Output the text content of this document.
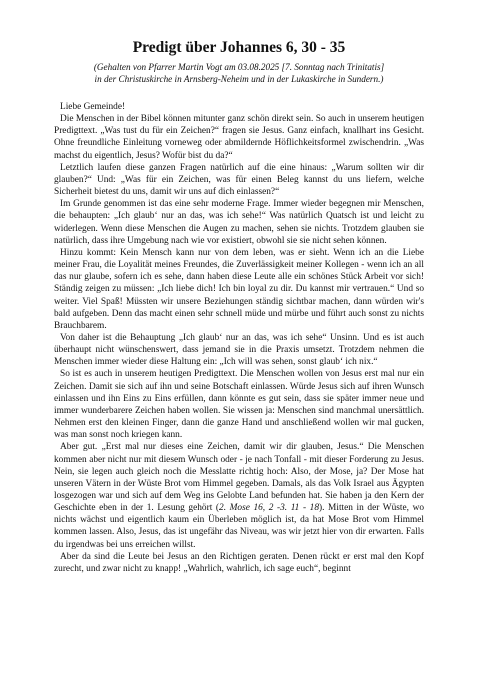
Predigt über Johannes 6, 30 - 35
(Gehalten von Pfarrer Martin Vogt am 03.08.2025 [7. Sonntag nach Trinitatis]
in der Christuskirche in Arnsberg-Neheim und in der Lukaskirche in Sundern.)

Liebe Gemeinde!

Die Menschen in der Bibel können mitunter ganz schön direkt sein. So auch in unserem heutigen Predigttext. „Was tust du für ein Zeichen?“ fragen sie Jesus. Ganz einfach, knallhart ins Gesicht. Ohne freundliche Einleitung vorneweg oder abmildernde Höflichkeitsformel zwischendrin. „Was machst du eigentlich, Jesus? Wofür bist du da?“

Letztlich laufen diese ganzen Fragen natürlich auf die eine hinaus: „Warum sollten wir dir glauben?“ Und: „Was für ein Zeichen, was für einen Beleg kannst du uns liefern, welche Sicherheit bietest du uns, damit wir uns auf dich einlassen?“

Im Grunde genommen ist das eine sehr moderne Frage. Immer wieder begegnen mir Menschen, die behaupten: „Ich glaub‘ nur an das, was ich sehe!“ Was natürlich Quatsch ist und leicht zu widerlegen. Wenn diese Menschen die Augen zu machen, sehen sie nichts. Trotzdem glauben sie natürlich, dass ihre Umgebung nach wie vor existiert, obwohl sie sie nicht sehen können.

Hinzu kommt: Kein Mensch kann nur von dem leben, was er sieht. Wenn ich an die Liebe meiner Frau, die Loyalität meines Freundes, die Zuverlässigkeit meiner Kollegen - wenn ich an all das nur glaube, sofern ich es sehe, dann haben diese Leute alle ein schönes Stück Arbeit vor sich! Ständig zeigen zu müssen: „Ich liebe dich! Ich bin loyal zu dir. Du kannst mir vertrauen.“ Und so weiter. Viel Spaß! Müssten wir unsere Beziehungen ständig sichtbar machen, dann würden wir's bald aufgeben. Denn das macht einen sehr schnell müde und mürbe und führt auch sonst zu nichts Brauchbarem.

Von daher ist die Behauptung „Ich glaub‘ nur an das, was ich sehe“ Unsinn. Und es ist auch überhaupt nicht wünschenswert, dass jemand sie in die Praxis umsetzt. Trotzdem nehmen die Menschen immer wieder diese Haltung ein: „Ich will was sehen, sonst glaub‘ ich nix.“

So ist es auch in unserem heutigen Predigttext. Die Menschen wollen von Jesus erst mal nur ein Zeichen. Damit sie sich auf ihn und seine Botschaft einlassen. Würde Jesus sich auf ihren Wunsch einlassen und ihn Eins zu Eins erfüllen, dann könnte es gut sein, dass sie später immer neue und immer wunderbarere Zeichen haben wollen. Sie wissen ja: Menschen sind manchmal unersättlich. Nehmen erst den kleinen Finger, dann die ganze Hand und anschließend wollen wir mal gucken, was man sonst noch kriegen kann.

Aber gut. „Erst mal nur dieses eine Zeichen, damit wir dir glauben, Jesus.“ Die Menschen kommen aber nicht nur mit diesem Wunsch oder - je nach Tonfall - mit dieser Forderung zu Jesus. Nein, sie legen auch gleich noch die Messlatte richtig hoch: Also, der Mose, ja? Der Mose hat unseren Vätern in der Wüste Brot vom Himmel gegeben. Damals, als das Volk Israel aus Ägypten losgezogen war und sich auf dem Weg ins Gelobte Land befunden hat. Sie haben ja den Kern der Geschichte eben in der 1. Lesung gehört (2. Mose 16, 2 -3. 11 - 18). Mitten in der Wüste, wo nichts wächst und eigentlich kaum ein Überleben möglich ist, da hat Mose Brot vom Himmel kommen lassen. Also, Jesus, das ist ungefähr das Niveau, was wir jetzt hier von dir erwarten. Falls du irgendwas bei uns erreichen willst.

Aber da sind die Leute bei Jesus an den Richtigen geraten. Denen rückt er erst mal den Kopf zurecht, und zwar nicht zu knapp! „Wahrlich, wahrlich, ich sage euch“, beginnt
